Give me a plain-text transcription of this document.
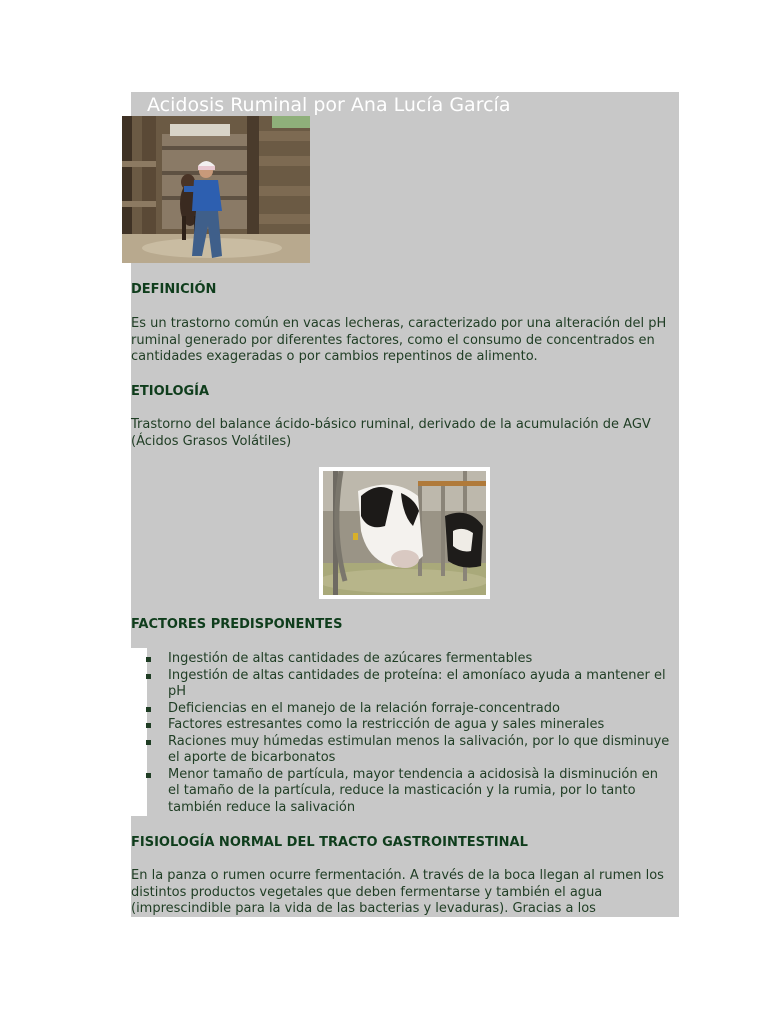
Acidosis Ruminal por Ana Lucía García
DEFINICIÓN

Es un trastorno común en vacas lecheras, caracterizado por una alteración del pH
ruminal generado por diferentes factores, como el consumo de concentrados en
cantidades exageradas o por cambios repentinos de alimento.

ETIOLOGÍA

Trastorno del balance ácido-básico ruminal, derivado de la acumulación de AGV
(Ácidos Grasos Volátiles)

FACTORES PREDISPONENTES
Ingestión de altas cantidades de azúcares fermentables
Ingestión de altas cantidades de proteína: el amoníaco ayuda a mantener el
pH
Deficiencias en el manejo de la relación forraje-concentrado
Factores estresantes como la restricción de agua y sales minerales
Raciones muy húmedas estimulan menos la salivación, por lo que disminuye
el aporte de bicarbonatos
Menor tamaño de partícula, mayor tendencia a acidosisà la disminución en
el tamaño de la partícula, reduce la masticación y la rumia, por lo tanto
también reduce la salivación
FISIOLOGÍA NORMAL DEL TRACTO GASTROINTESTINAL

En la panza o rumen ocurre fermentación. A través de la boca llegan al rumen los
distintos productos vegetales que deben fermentarse y también el agua
(imprescindible para la vida de las bacterias y levaduras). Gracias a los
